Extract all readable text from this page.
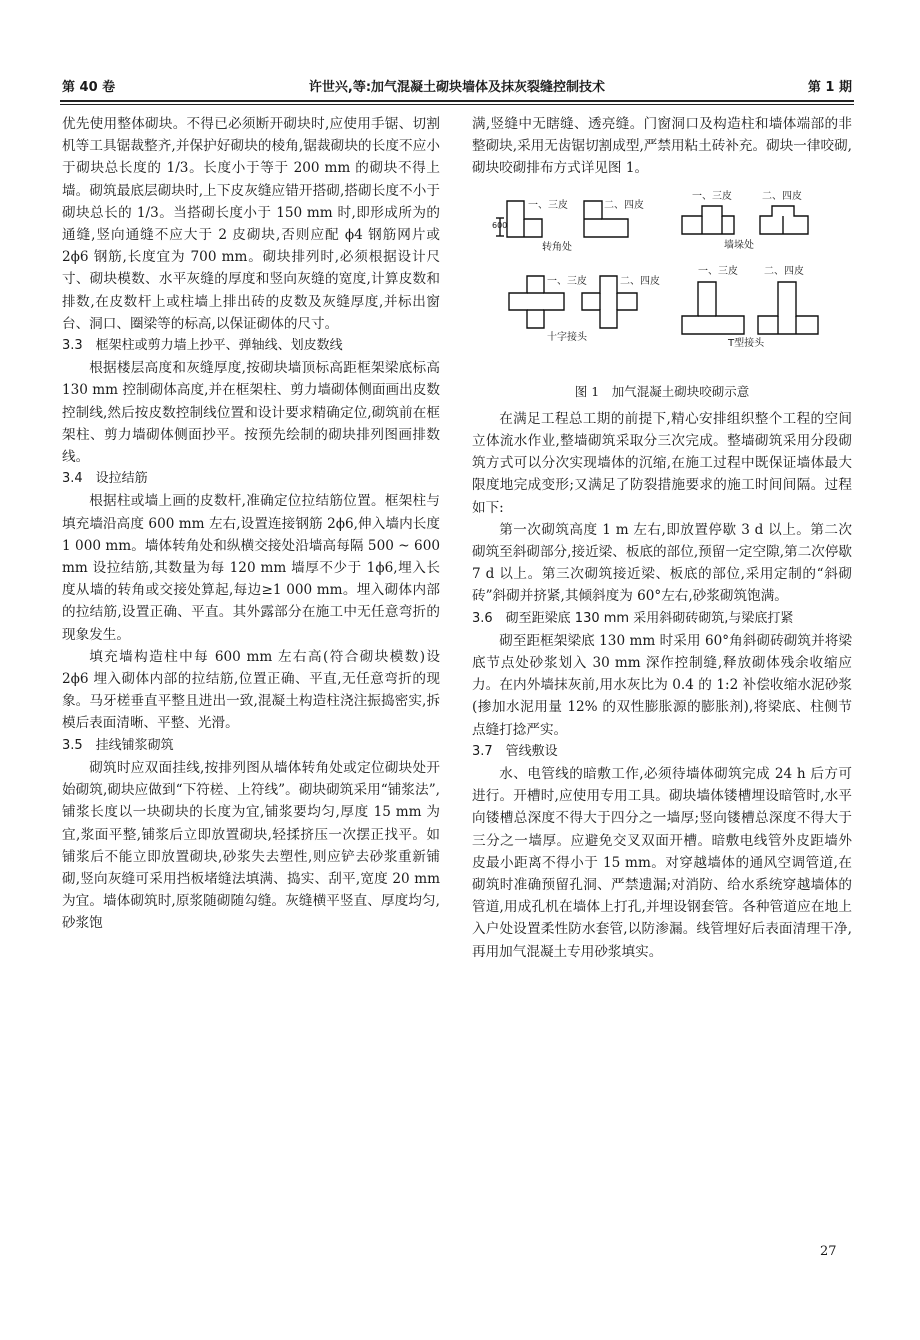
第 40 卷	许世兴,等:加气混凝土砌块墙体及抹灰裂缝控制技术	第 1 期

优先使用整体砌块。不得已必须断开砌块时,应使用手锯、切割机等工具锯裁整齐,并保护好砌块的棱角,锯裁砌块的长度不应小于砌块总长度的 1/3。长度小于等于 200 mm 的砌块不得上墙。砌筑最底层砌块时,上下皮灰缝应错开搭砌,搭砌长度不小于砌块总长的 1/3。当搭砌长度小于 150 mm 时,即形成所为的通缝,竖向通缝不应大于 2 皮砌块,否则应配 ϕ4 钢筋网片或 2ϕ6 钢筋,长度宜为 700 mm。砌块排列时,必须根据设计尺寸、砌块模数、水平灰缝的厚度和竖向灰缝的宽度,计算皮数和排数,在皮数杆上或柱墙上排出砖的皮数及灰缝厚度,并标出窗台、洞口、圈梁等的标高,以保证砌体的尺寸。

3.3　框架柱或剪力墙上抄平、弹轴线、划皮数线

根据楼层高度和灰缝厚度,按砌块墙顶标高距框架梁底标高 130 mm 控制砌体高度,并在框架柱、剪力墙砌体侧面画出皮数控制线,然后按皮数控制线位置和设计要求精确定位,砌筑前在框架柱、剪力墙砌体侧面抄平。按预先绘制的砌块排列图画排数线。

3.4　设拉结筋

根据柱或墙上画的皮数杆,准确定位拉结筋位置。框架柱与填充墙沿高度 600 mm 左右,设置连接钢筋 2ϕ6,伸入墙内长度 1 000 mm。墙体转角处和纵横交接处沿墙高每隔 500 ~ 600 mm 设拉结筋,其数量为每 120 mm 墙厚不少于 1ϕ6,埋入长度从墙的转角或交接处算起,每边≥1 000 mm。埋入砌体内部的拉结筋,设置正确、平直。其外露部分在施工中无任意弯折的现象发生。

填充墙构造柱中每 600 mm 左右高(符合砌块模数)设 2ϕ6 埋入砌体内部的拉结筋,位置正确、平直,无任意弯折的现象。马牙槎垂直平整且进出一致,混凝土构造柱浇注振捣密实,拆模后表面清晰、平整、光滑。

3.5　挂线铺浆砌筑

砌筑时应双面挂线,按排列图从墙体转角处或定位砌块处开始砌筑,砌块应做到“下符槎、上符线”。砌块砌筑采用“铺浆法”,铺浆长度以一块砌块的长度为宜,铺浆要均匀,厚度 15 mm 为宜,浆面平整,铺浆后立即放置砌块,轻揉挤压一次摆正找平。如铺浆后不能立即放置砌块,砂浆失去塑性,则应铲去砂浆重新铺砌,竖向灰缝可采用挡板堵缝法填满、捣实、刮平,宽度 20 mm 为宜。墙体砌筑时,原浆随砌随勾缝。灰缝横平竖直、厚度均匀,砂浆饱

满,竖缝中无瞎缝、透亮缝。门窗洞口及构造柱和墙体端部的非整砌块,采用无齿锯切割成型,严禁用粘土砖补充。砌块一律咬砌,砌块咬砌排布方式详见图 1。

600
一、三皮	二、四皮
转角处
一、三皮	二、四皮
墙垛处
一、三皮	二、四皮
十字接头
一、三皮	二、四皮
T型接头
图 1　加气混凝土砌块咬砌示意

在满足工程总工期的前提下,精心安排组织整个工程的空间立体流水作业,整墙砌筑采取分三次完成。整墙砌筑采用分段砌筑方式可以分次实现墙体的沉缩,在施工过程中既保证墙体最大限度地完成变形;又满足了防裂措施要求的施工时间间隔。过程如下:

第一次砌筑高度 1 m 左右,即放置停歇 3 d 以上。第二次砌筑至斜砌部分,接近梁、板底的部位,预留一定空隙,第二次停歇 7 d 以上。第三次砌筑接近梁、板底的部位,采用定制的“斜砌砖”斜砌并挤紧,其倾斜度为 60°左右,砂浆砌筑饱满。

3.6　砌至距梁底 130 mm 采用斜砌砖砌筑,与梁底打紧

砌至距框架梁底 130 mm 时采用 60°角斜砌砖砌筑并将梁底节点处砂浆划入 30 mm 深作控制缝,释放砌体残余收缩应力。在内外墙抹灰前,用水灰比为 0.4 的 1:2 补偿收缩水泥砂浆(掺加水泥用量 12% 的双性膨胀源的膨胀剂),将梁底、柱侧节点缝打捻严实。

3.7　管线敷设

水、电管线的暗敷工作,必须待墙体砌筑完成 24 h 后方可进行。开槽时,应使用专用工具。砌块墙体镂槽埋设暗管时,水平向镂槽总深度不得大于四分之一墙厚;竖向镂槽总深度不得大于三分之一墙厚。应避免交叉双面开槽。暗敷电线管外皮距墙外皮最小距离不得小于 15 mm。对穿越墙体的通风空调管道,在砌筑时准确预留孔洞、严禁遗漏;对消防、给水系统穿越墙体的管道,用成孔机在墙体上打孔,并埋设钢套管。各种管道应在地上入户处设置柔性防水套管,以防渗漏。线管埋好后表面清理干净,再用加气混凝土专用砂浆填实。

27
